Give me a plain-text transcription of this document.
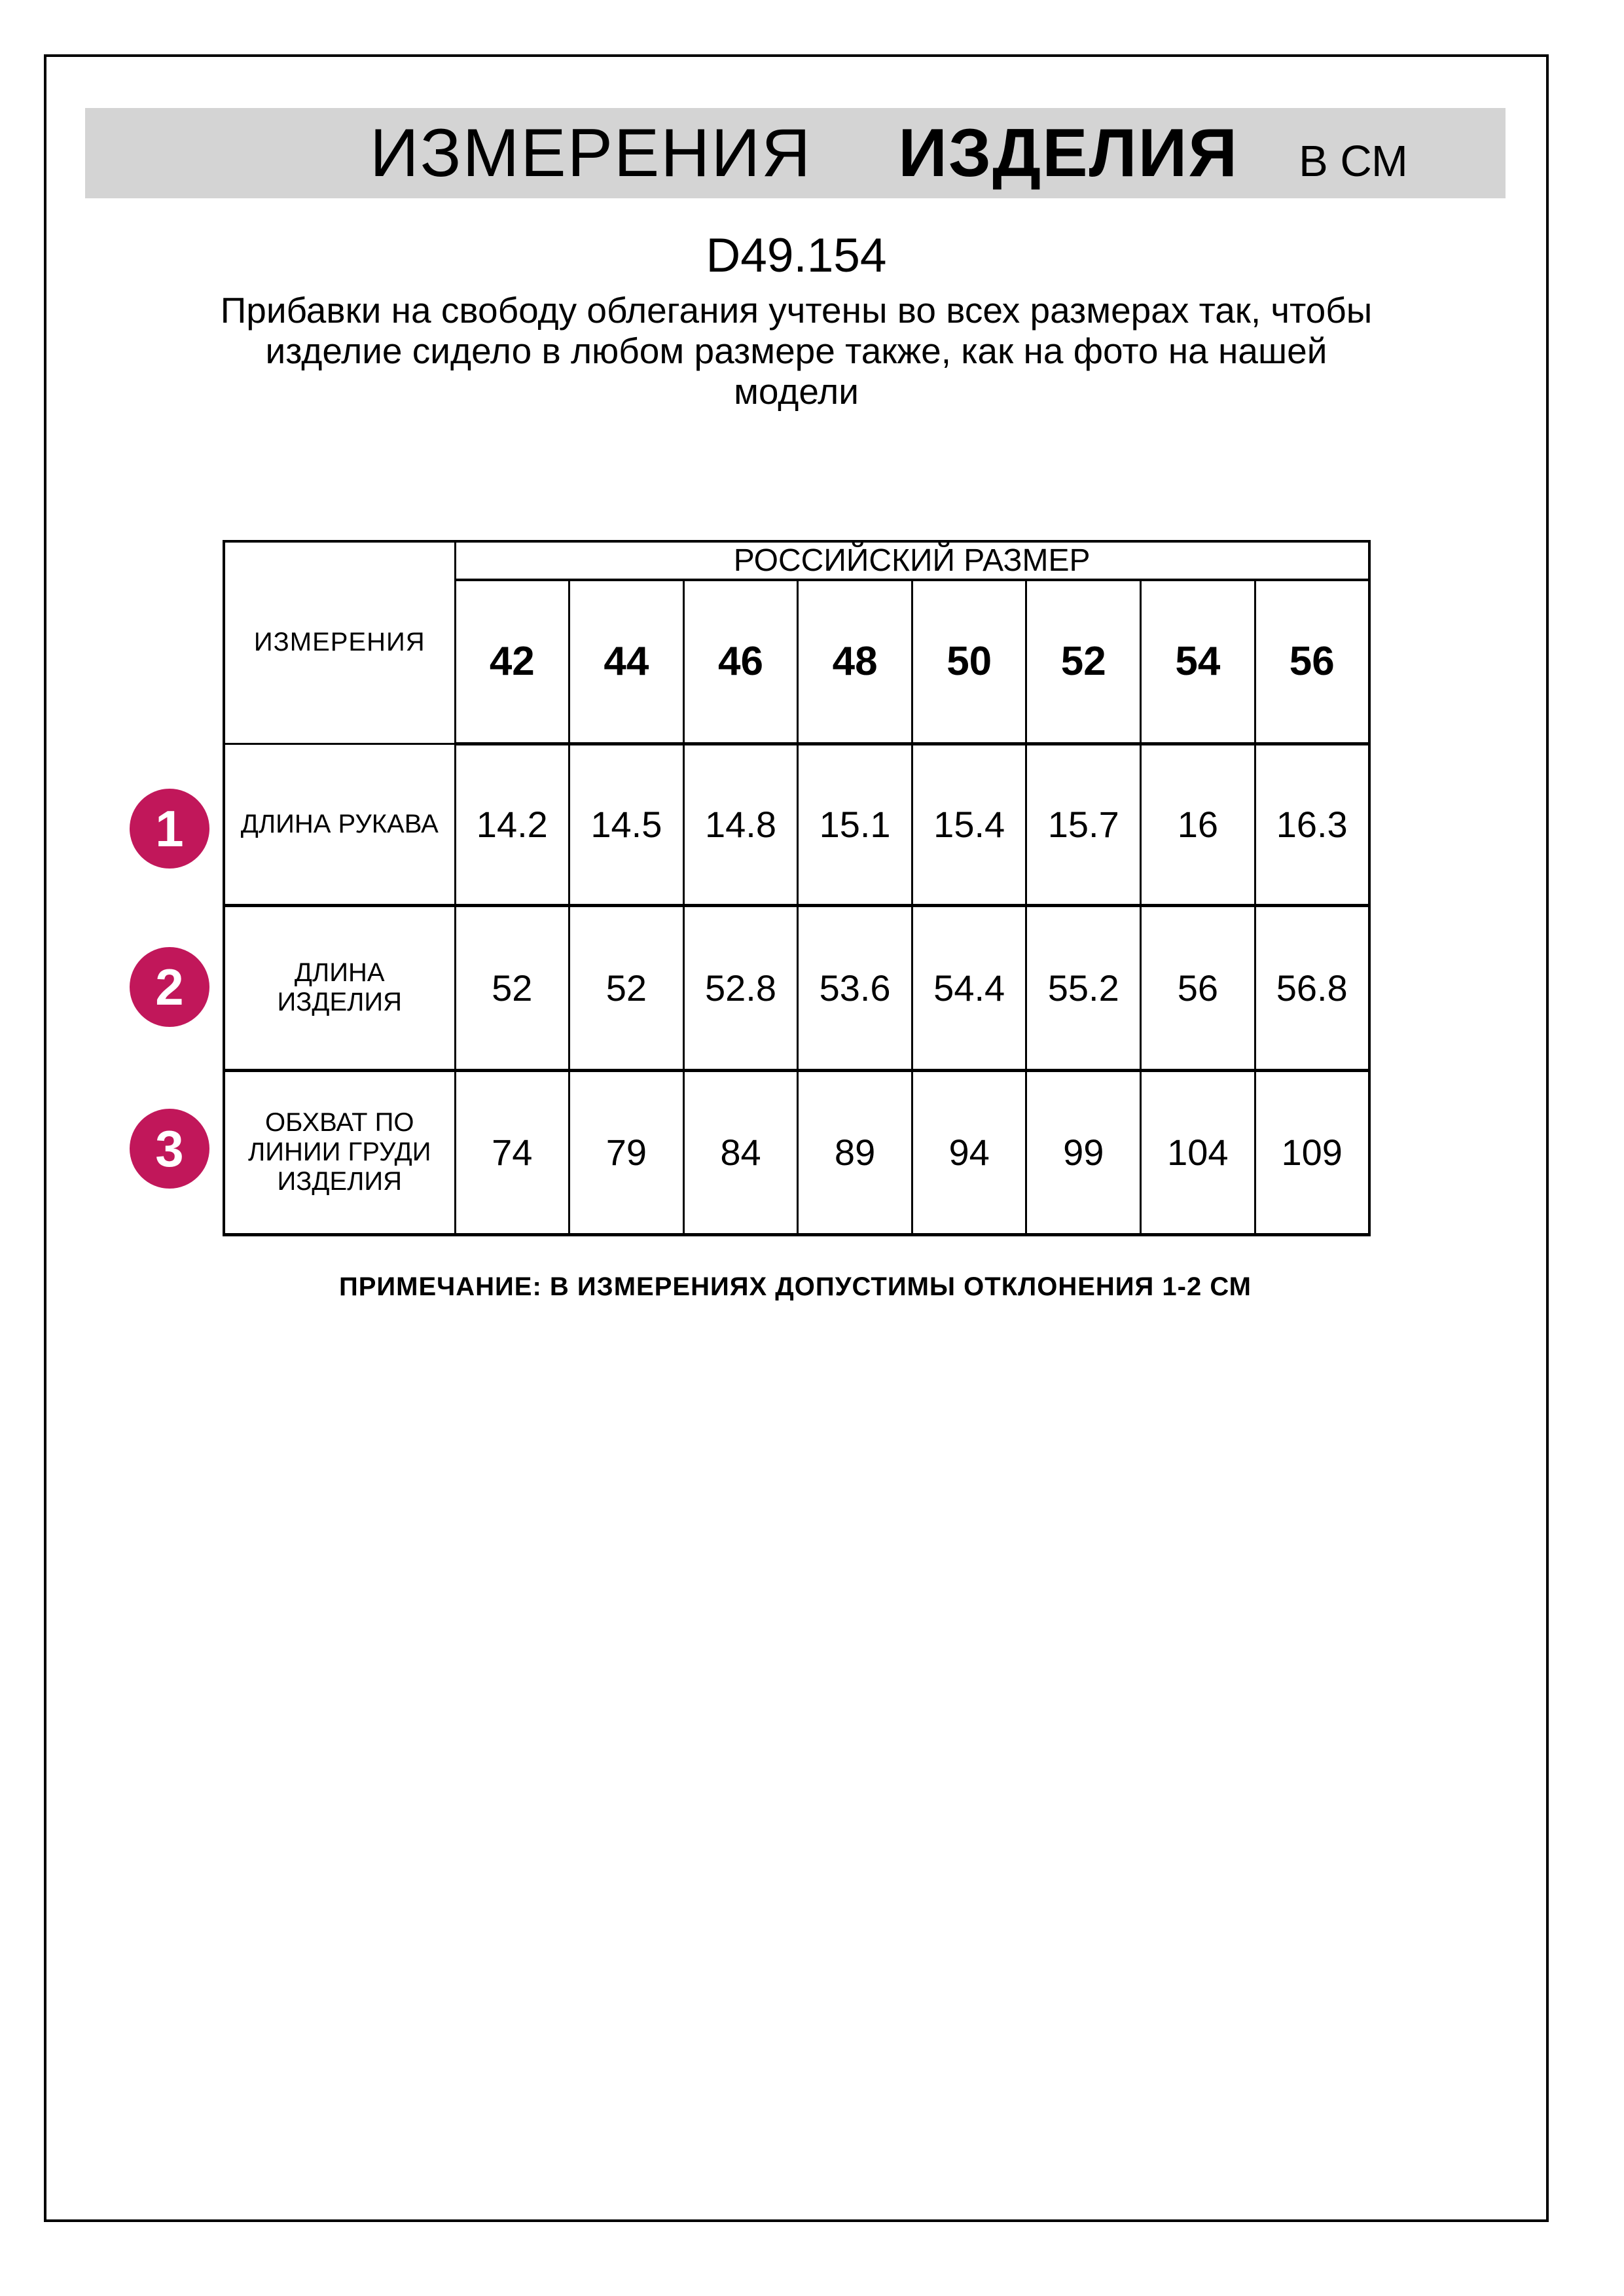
ИЗМЕРЕНИЯ ИЗДЕЛИЯ В СМ
D49.154
Прибавки на свободу облегания учтены во всех размерах так, чтобы
изделие сидело в любом размере также, как на фото на нашей
модели
ИЗМЕРЕНИЯ	РОССИЙСКИЙ РАЗМЕР							
	42	44	46	48	50	52	54	56
ДЛИНА РУКАВА	14.2	14.5	14.8	15.1	15.4	15.7	16	16.3
ДЛИНА ИЗДЕЛИЯ	52	52	52.8	53.6	54.4	55.2	56	56.8
ОБХВАТ ПО ЛИНИИ ГРУДИ ИЗДЕЛИЯ	74	79	84	89	94	99	104	109
1
2
3
ПРИМЕЧАНИЕ: В ИЗМЕРЕНИЯХ ДОПУСТИМЫ ОТКЛОНЕНИЯ 1-2 СМ
